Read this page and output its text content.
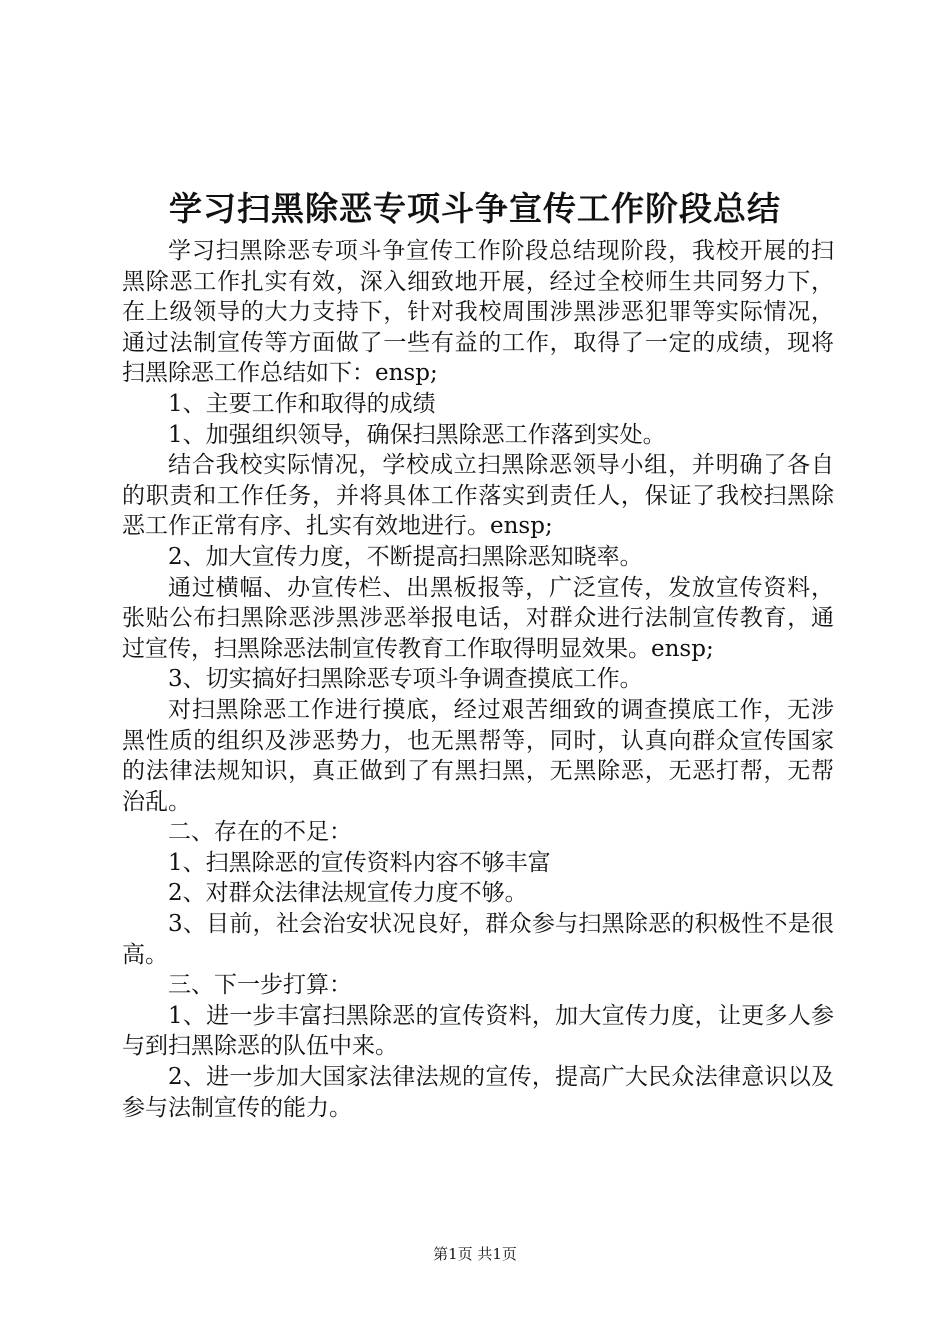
学习扫黑除恶专项斗争宣传工作阶段总结

学习扫黑除恶专项斗争宣传工作阶段总结现阶段，我校开展的扫黑除恶工作扎实有效，深入细致地开展，经过全校师生共同努力下，在上级领导的大力支持下，针对我校周围涉黑涉恶犯罪等实际情况，通过法制宣传等方面做了一些有益的工作，取得了一定的成绩，现将扫黑除恶工作总结如下：ensp;

1、主要工作和取得的成绩

1、加强组织领导，确保扫黑除恶工作落到实处。

结合我校实际情况，学校成立扫黑除恶领导小组，并明确了各自的职责和工作任务，并将具体工作落实到责任人，保证了我校扫黑除恶工作正常有序、扎实有效地进行。ensp;

2、加大宣传力度，不断提高扫黑除恶知晓率。

通过横幅、办宣传栏、出黑板报等，广泛宣传，发放宣传资料，张贴公布扫黑除恶涉黑涉恶举报电话，对群众进行法制宣传教育，通过宣传，扫黑除恶法制宣传教育工作取得明显效果。ensp;

3、切实搞好扫黑除恶专项斗争调查摸底工作。

对扫黑除恶工作进行摸底，经过艰苦细致的调查摸底工作，无涉黑性质的组织及涉恶势力，也无黑帮等，同时，认真向群众宣传国家的法律法规知识，真正做到了有黑扫黑，无黑除恶，无恶打帮，无帮治乱。

二、存在的不足：

1、扫黑除恶的宣传资料内容不够丰富

2、对群众法律法规宣传力度不够。

3、目前，社会治安状况良好，群众参与扫黑除恶的积极性不是很高。

三、下一步打算：

1、进一步丰富扫黑除恶的宣传资料，加大宣传力度，让更多人参与到扫黑除恶的队伍中来。

2、进一步加大国家法律法规的宣传，提高广大民众法律意识以及参与法制宣传的能力。

第1页 共1页
